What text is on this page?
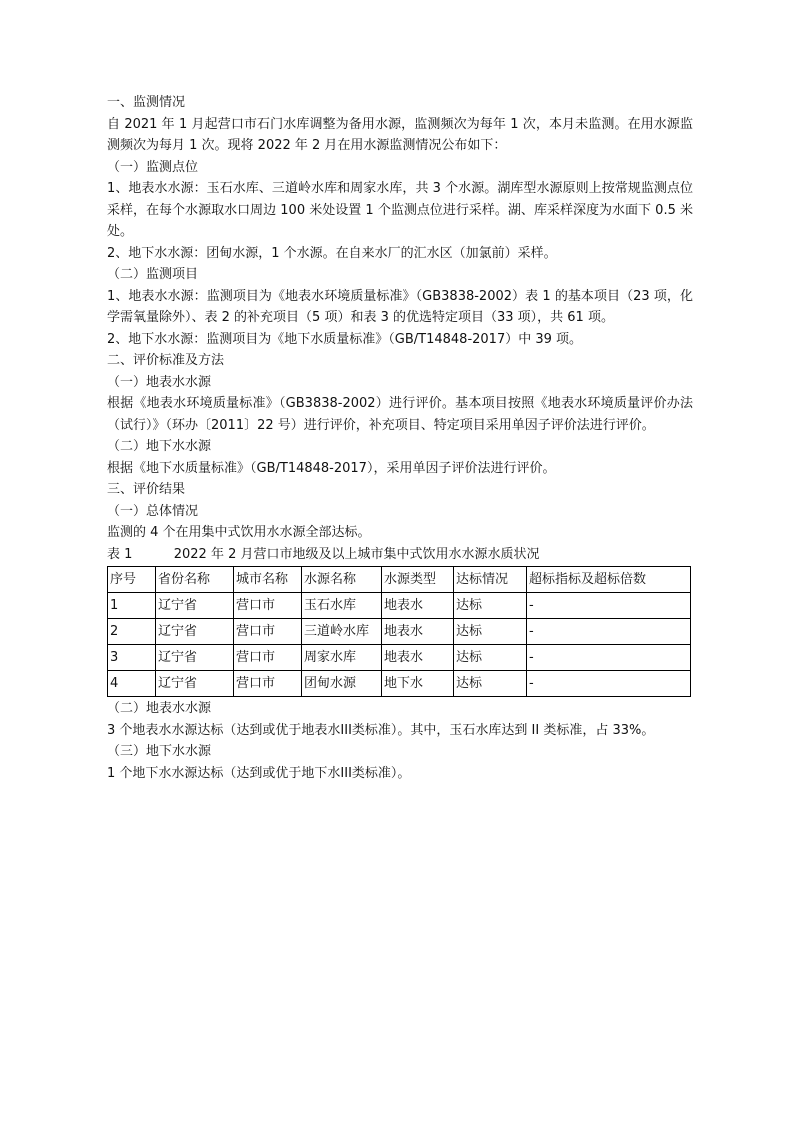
一、监测情况

自 2021 年 1 月起营口市石门水库调整为备用水源，监测频次为每年 1 次，本月未监测。在用水源监测频次为每月 1 次。现将 2022 年 2 月在用水源监测情况公布如下：

（一）监测点位

1、地表水水源：玉石水库、三道岭水库和周家水库，共 3 个水源。湖库型水源原则上按常规监测点位采样，在每个水源取水口周边 100 米处设置 1 个监测点位进行采样。湖、库采样深度为水面下 0.5 米处。

2、地下水水源：团甸水源，1 个水源。在自来水厂的汇水区（加氯前）采样。

（二）监测项目

1、地表水水源：监测项目为《地表水环境质量标准》（GB3838-2002）表 1 的基本项目（23 项，化学需氧量除外）、表 2 的补充项目（5 项）和表 3 的优选特定项目（33 项），共 61 项。

2、地下水水源：监测项目为《地下水质量标准》（GB/T14848-2017）中 39 项。

二、评价标准及方法

（一）地表水水源

根据《地表水环境质量标准》（GB3838-2002）进行评价。基本项目按照《地表水环境质量评价办法（试行）》（环办〔2011〕22 号）进行评价，补充项目、特定项目采用单因子评价法进行评价。

（二）地下水水源

根据《地下水质量标准》（GB/T14848-2017），采用单因子评价法进行评价。

三、评价结果

（一）总体情况

监测的 4 个在用集中式饮用水水源全部达标。

表 1	2022 年 2 月营口市地级及以上城市集中式饮用水水源水质状况

序号	省份名称	城市名称	水源名称	水源类型	达标情况	超标指标及超标倍数
1	辽宁省	营口市	玉石水库	地表水	达标	-
2	辽宁省	营口市	三道岭水库	地表水	达标	-
3	辽宁省	营口市	周家水库	地表水	达标	-
4	辽宁省	营口市	团甸水源	地下水	达标	-

（二）地表水水源

3 个地表水水源达标（达到或优于地表水III类标准）。其中，玉石水库达到 II 类标准，占 33%。

（三）地下水水源

1 个地下水水源达标（达到或优于地下水III类标准）。
